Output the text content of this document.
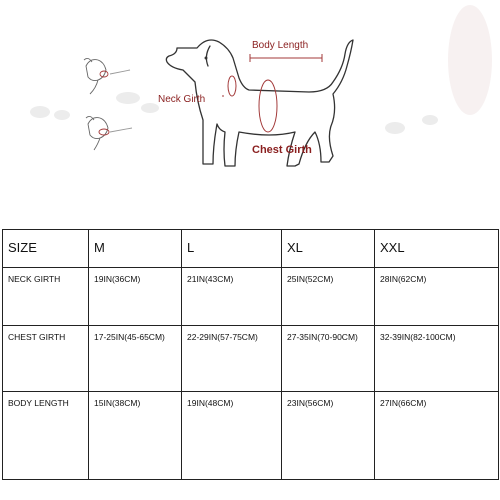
Body Length
Neck Girth
Chest Girth
SIZE	M	L	XL	XXL
NECK GIRTH	19IN(36CM)	21IN(43CM)	25IN(52CM)	28IN(62CM)
CHEST GIRTH	17-25IN(45-65CM)	22-29IN(57-75CM)	27-35IN(70-90CM)	32-39IN(82-100CM)
BODY LENGTH	15IN(38CM)	19IN(48CM)	23IN(56CM)	27IN(66CM)
